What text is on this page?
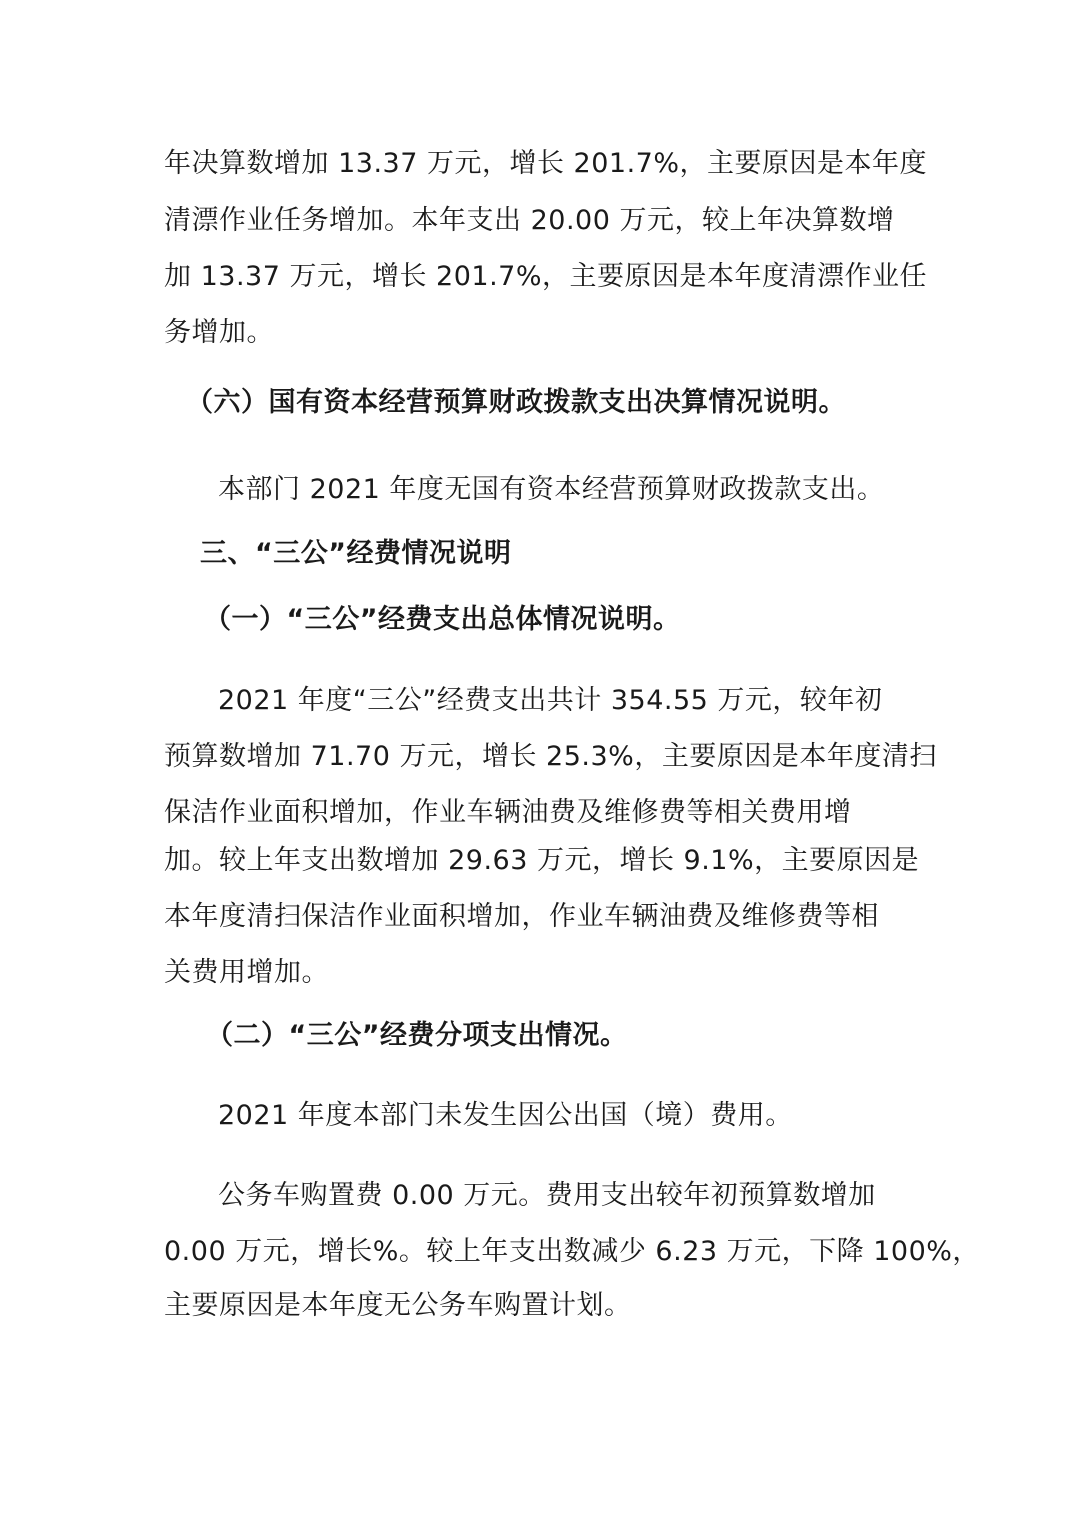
年决算数增加 13.37 万元，增长 201.7%，主要原因是本年度
清漂作业任务增加。本年支出 20.00 万元，较上年决算数增
加 13.37 万元，增长 201.7%，主要原因是本年度清漂作业任
务增加。
（六）国有资本经营预算财政拨款支出决算情况说明。
本部门 2021 年度无国有资本经营预算财政拨款支出。
三、“三公”经费情况说明
（一）“三公”经费支出总体情况说明。
2021 年度“三公”经费支出共计 354.55 万元，较年初
预算数增加 71.70 万元，增长 25.3%，主要原因是本年度清扫
保洁作业面积增加，作业车辆油费及维修费等相关费用增
加。较上年支出数增加 29.63 万元，增长 9.1%，主要原因是
本年度清扫保洁作业面积增加，作业车辆油费及维修费等相
关费用增加。
（二）“三公”经费分项支出情况。
2021 年度本部门未发生因公出国（境）费用。
公务车购置费 0.00 万元。费用支出较年初预算数增加
0.00 万元，增长%。较上年支出数减少 6.23 万元，下降 100%，
主要原因是本年度无公务车购置计划。
